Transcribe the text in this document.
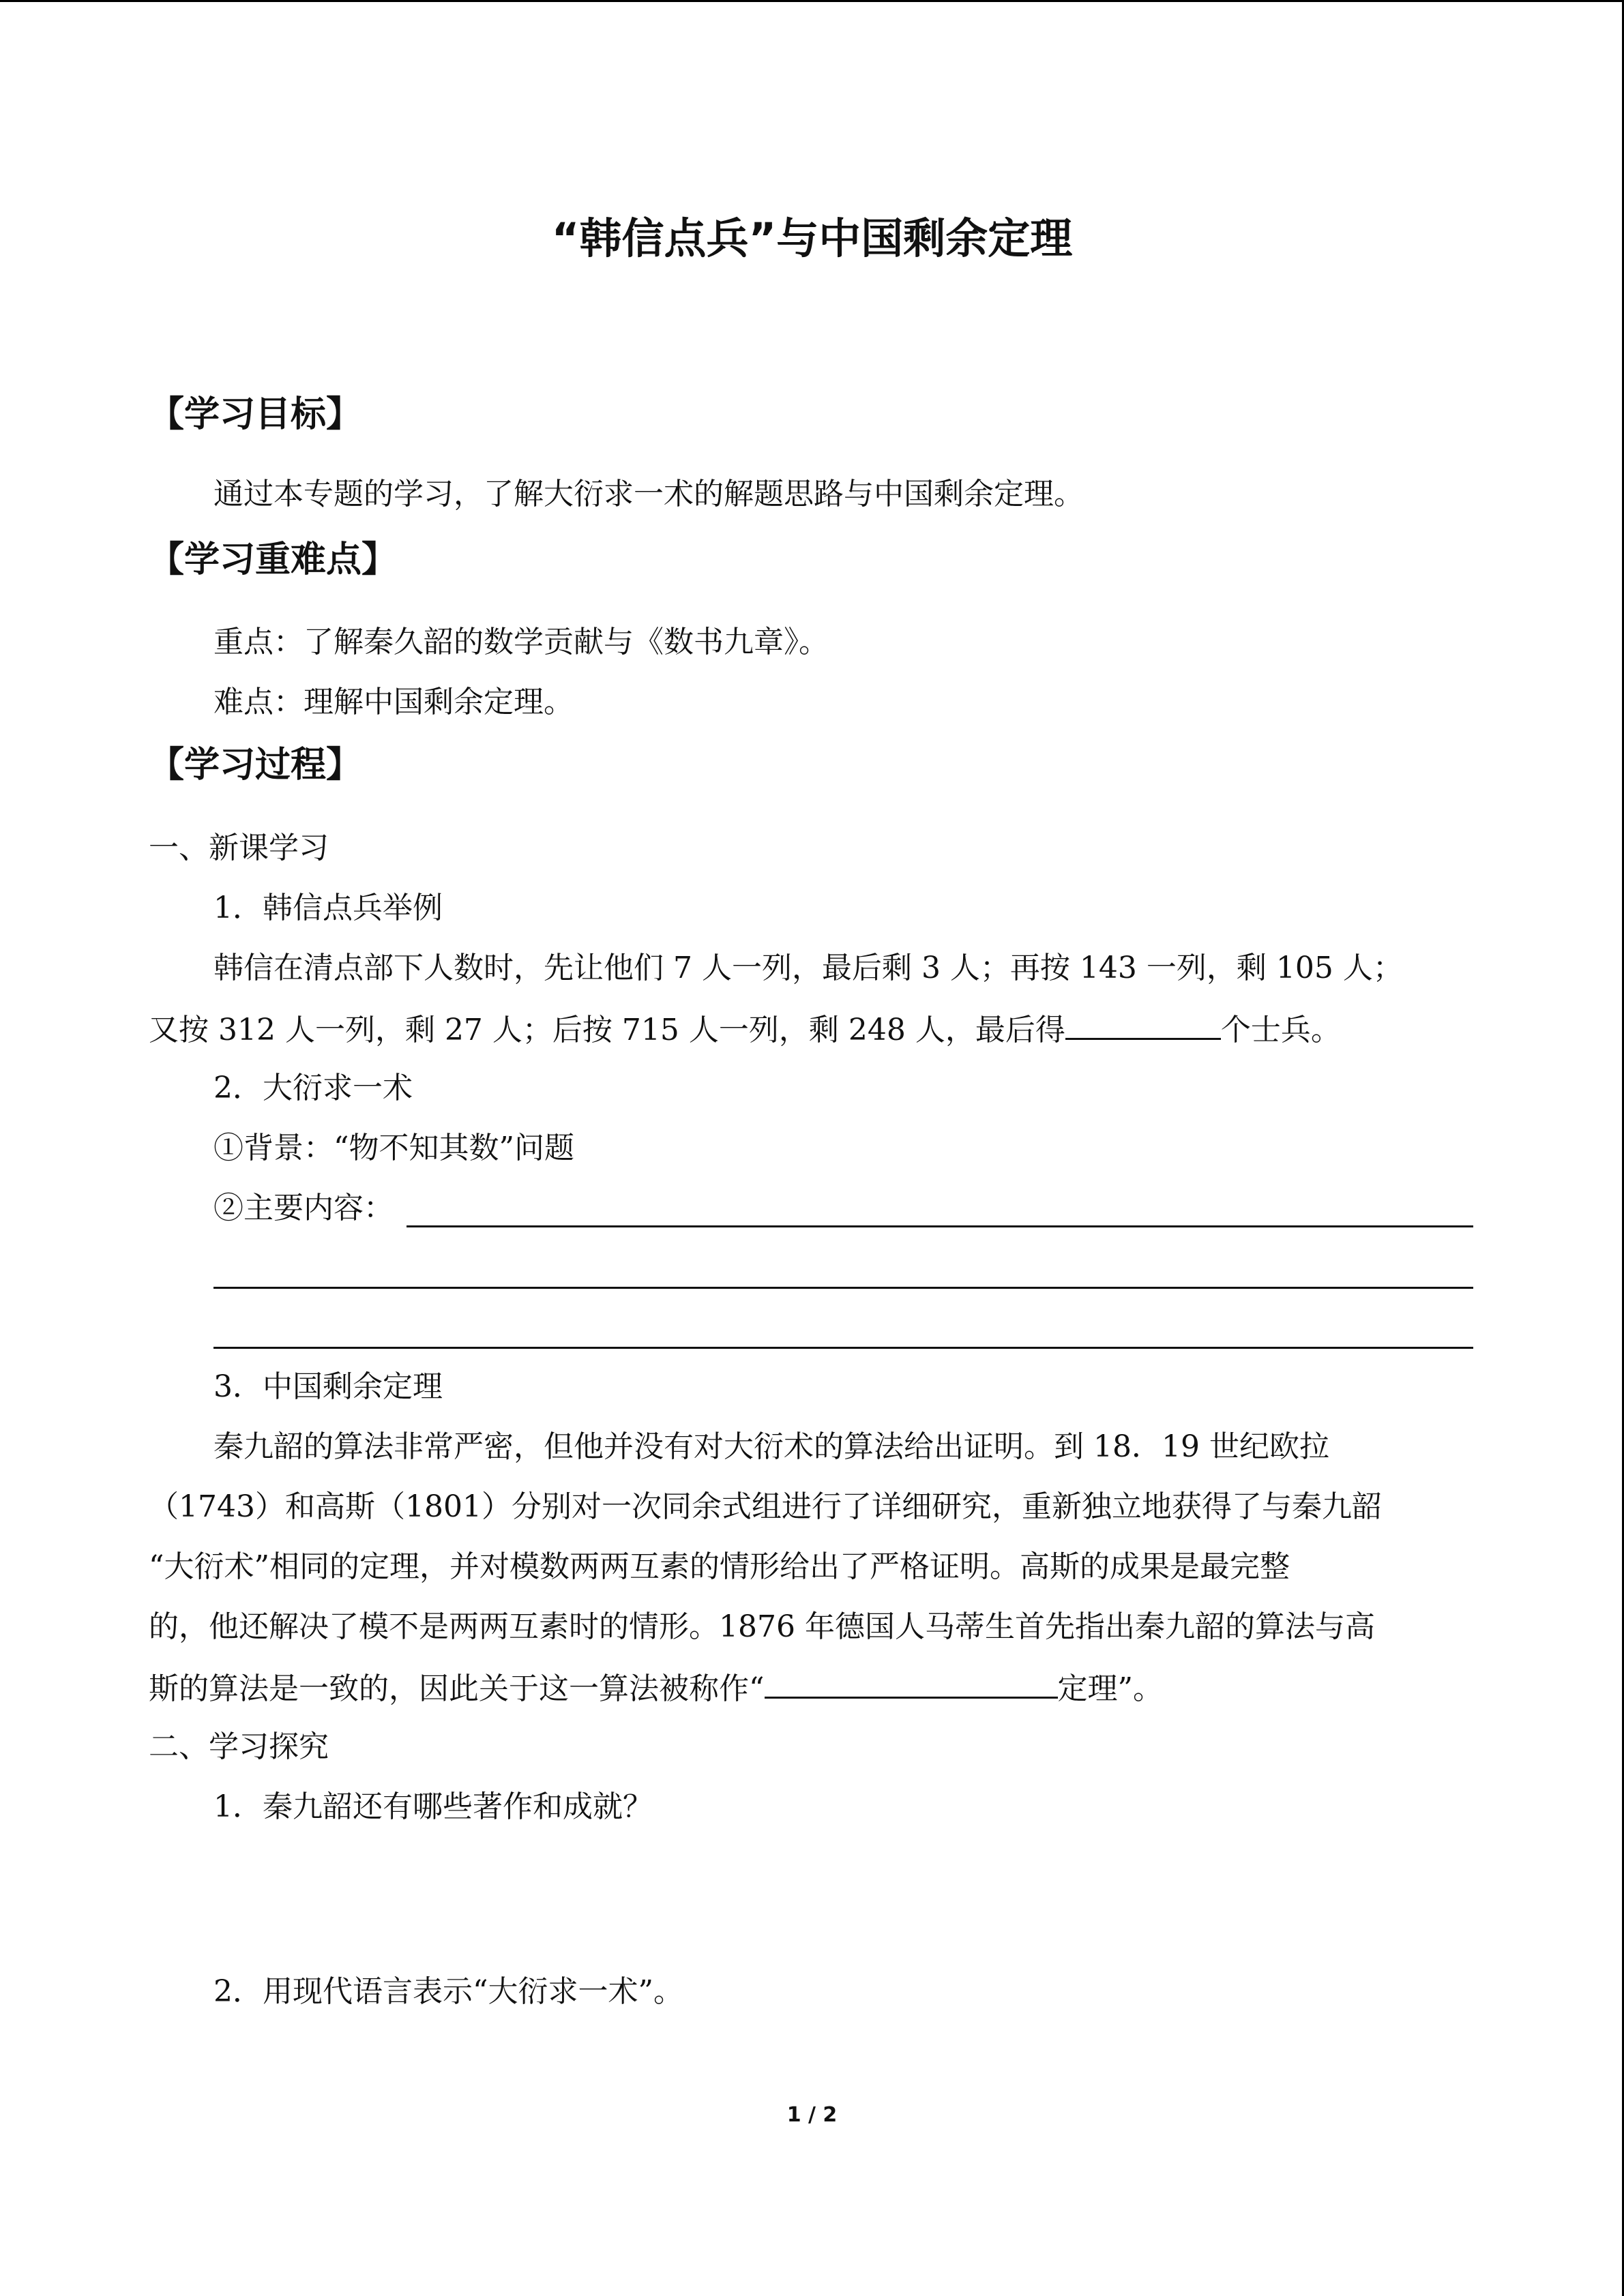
“韩信点兵”与中国剩余定理
【学习目标】
通过本专题的学习，了解大衍求一术的解题思路与中国剩余定理。
【学习重难点】
重点：了解秦久韶的数学贡献与《数书九章》。
难点：理解中国剩余定理。
【学习过程】
一、新课学习
1．韩信点兵举例
韩信在清点部下人数时，先让他们 7 人一列，最后剩 3 人；再按 143 一列，剩 105 人；
又按 312 人一列，剩 27 人；后按 715 人一列，剩 248 人，最后得	个士兵。
2．大衍求一术
①背景：“物不知其数”问题
②主要内容：
3．中国剩余定理
秦九韶的算法非常严密，但他并没有对大衍术的算法给出证明。到 18．19 世纪欧拉
（1743）和高斯（1801）分别对一次同余式组进行了详细研究，重新独立地获得了与秦九韶
“大衍术”相同的定理，并对模数两两互素的情形给出了严格证明。高斯的成果是最完整
的，他还解决了模不是两两互素时的情形。1876 年德国人马蒂生首先指出秦九韶的算法与高
斯的算法是一致的，因此关于这一算法被称作“	定理”。
二、学习探究
1．秦九韶还有哪些著作和成就？
2．用现代语言表示“大衍求一术”。
1 / 2
